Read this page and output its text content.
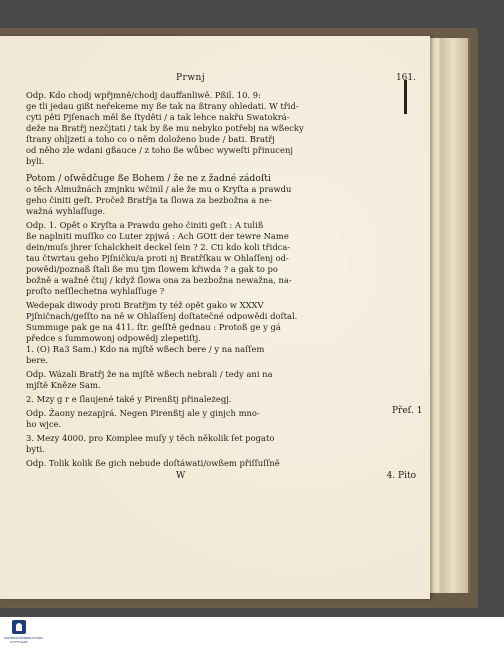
Prwnj	161.
Odp. Kdo chodj wpřjmně/chodj dauffanliwě. Pßil. 10. 9:
ge tli jedau gißt neřekeme my ße tak na ßtrany ohledati. W třid-
cyti pěti Pjſenach měl ße ſtyděti / a tak lehce nakřu Swatokrá-
deže na Bratřj nezčjtati / tak by ße mu nebyko potřebj na wßecky
ſtrany ohljzeti a toho co o něm doloženo bude / bati. Bratřj
od něho zle wdani gßauce / z toho ße wůbec wyweſti přinucenj
byli.
Potom / oſwědčuge ße Bohem / že ne z žadné zádoſti
o těch Almužnách zmjnku wčinil / ale že mu o Kryſta a prawdu
geho činiti geſt. Pročež Bratřja ta ſlowa za bezbožna a ne-
wažná wyhlaſſuge.
Odp. 1. Opět o Kryſta a Prawdu geho činiti geſt : A tuliß
ße naplniti muſſko co Luter zpjwá : Ach GOtt der tewre Name
dein/muſs jhrer ſchalckheit deckel ſein ? 2. Cti kdo koli třidca-
tau čtwrtau geho Pjſničku/a proti nj Bratřſkau w Ohlaſſenj od-
powědi/poznaß ſtali ße mu tjm ſlowem křiwda ? a gak to po
božně a wažně čtuj / když ſlowa ona za bezbožna newažna, na-
proſto neſſlechetna wyhlaſſuge ?
Wedepak diwody proti Bratřjm ty též opět gako w XXXV
Pjſničnach/geſſto na ně w Ohlaſſenj doſtatečné odpowědi doſtal.
Summuge pak ge na 411. ſtr. geſſtě gednau : Protoß ge y gá
předce s ſummowonj odpowědj zlepetiſtj.
1. (O) Ra3 Sam.) Kdo na mjſtě wßech bere / y na naſſem
bere.
Odp. Wázali Bratřj že na mjſtě wßech nebrali / tedy ani na
mjſtě Kněze Sam.
2. Mzy g r e ſlaujené také y Pirenßtj přinależegj.
Odp. Žaony nezapjrá. Negen Pirenßtj ale y ginjch mno-
ho wjce.
3. Mezy 4000. pro Komplee muſy y těch několik ſet pogato
byti.
Odp. Tolik kolik ße gich nebude doſtáwati/owßem přiſſuſſně
W	4. Pito
Přeſ. 1
UNIVERSITÄTSBIBLIOTHEK
STUTTGART
